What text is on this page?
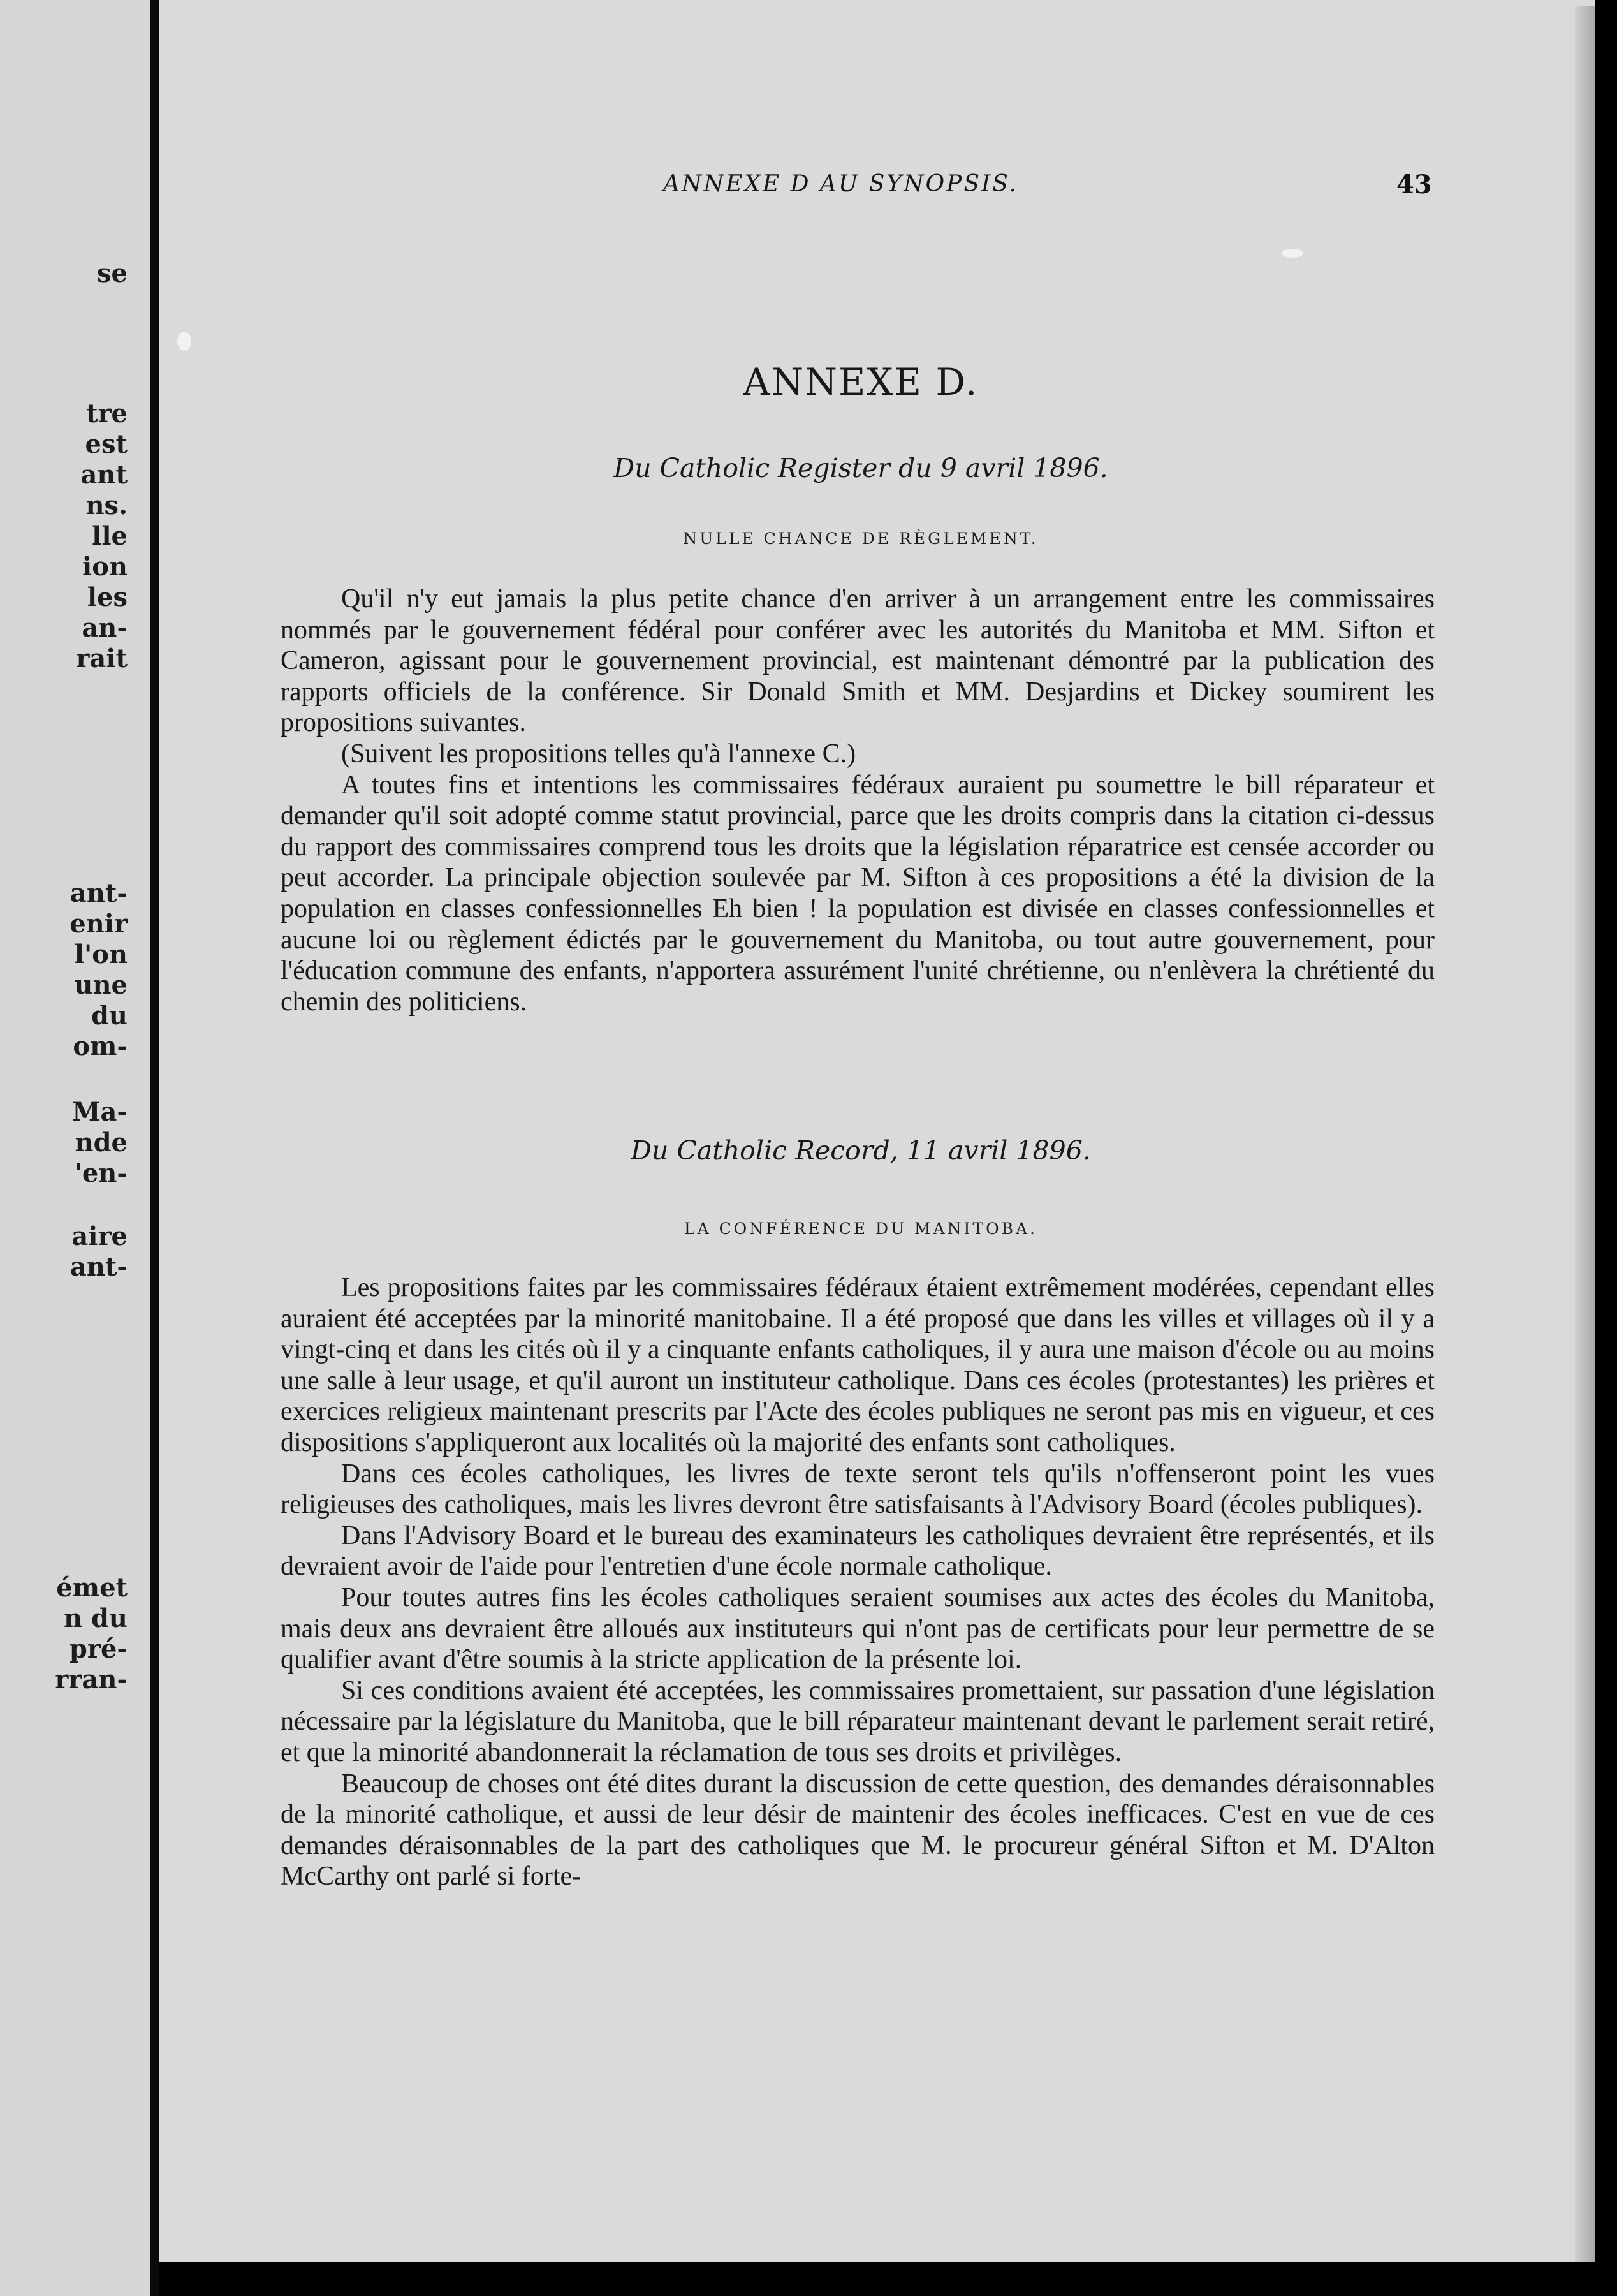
se
tre
est
ant
ns.
lle
ion
les
an-
rait
ant-
enir
l'on
une
du
om-
Ma-
nde
'en-
aire
ant-
émet
n du
pré-
rran-
ANNEXE D AU SYNOPSIS.	43
ANNEXE D.
Du Catholic Register du 9 avril 1896.
NULLE CHANCE DE RÈGLEMENT.

Qu'il n'y eut jamais la plus petite chance d'en arriver à un arrangement entre les commissaires nommés par le gouvernement fédéral pour conférer avec les autorités du Manitoba et MM. Sifton et Cameron, agissant pour le gouvernement provincial, est maintenant démontré par la publication des rapports officiels de la conférence. Sir Donald Smith et MM. Desjardins et Dickey soumirent les propositions suivantes.

(Suivent les propositions telles qu'à l'annexe C.)

A toutes fins et intentions les commissaires fédéraux auraient pu soumettre le bill réparateur et demander qu'il soit adopté comme statut provincial, parce que les droits compris dans la citation ci-dessus du rapport des commissaires comprend tous les droits que la législation réparatrice est censée accorder ou peut accorder. La principale objection soulevée par M. Sifton à ces propositions a été la division de la population en classes confessionnelles Eh bien ! la population est divisée en classes confessionnelles et aucune loi ou règlement édictés par le gouvernement du Manitoba, ou tout autre gouvernement, pour l'éducation commune des enfants, n'apportera assurément l'unité chrétienne, ou n'enlèvera la chrétienté du chemin des politiciens.

Du Catholic Record, 11 avril 1896.
LA CONFÉRENCE DU MANITOBA.

Les propositions faites par les commissaires fédéraux étaient extrêmement modérées, cependant elles auraient été acceptées par la minorité manitobaine. Il a été proposé que dans les villes et villages où il y a vingt-cinq et dans les cités où il y a cinquante enfants catholiques, il y aura une maison d'école ou au moins une salle à leur usage, et qu'il auront un instituteur catholique. Dans ces écoles (protestantes) les prières et exercices religieux maintenant prescrits par l'Acte des écoles publiques ne seront pas mis en vigueur, et ces dispositions s'appliqueront aux localités où la majorité des enfants sont catholiques.

Dans ces écoles catholiques, les livres de texte seront tels qu'ils n'offenseront point les vues religieuses des catholiques, mais les livres devront être satisfaisants à l'Advisory Board (écoles publiques).

Dans l'Advisory Board et le bureau des examinateurs les catholiques devraient être représentés, et ils devraient avoir de l'aide pour l'entretien d'une école normale catholique.

Pour toutes autres fins les écoles catholiques seraient soumises aux actes des écoles du Manitoba, mais deux ans devraient être alloués aux instituteurs qui n'ont pas de certificats pour leur permettre de se qualifier avant d'être soumis à la stricte application de la présente loi.

Si ces conditions avaient été acceptées, les commissaires promettaient, sur passation d'une législation nécessaire par la législature du Manitoba, que le bill réparateur maintenant devant le parlement serait retiré, et que la minorité abandonnerait la réclamation de tous ses droits et privilèges.

Beaucoup de choses ont été dites durant la discussion de cette question, des demandes déraisonnables de la minorité catholique, et aussi de leur désir de maintenir des écoles inefficaces. C'est en vue de ces demandes déraisonnables de la part des catholiques que M. le procureur général Sifton et M. D'Alton McCarthy ont parlé si forte-
